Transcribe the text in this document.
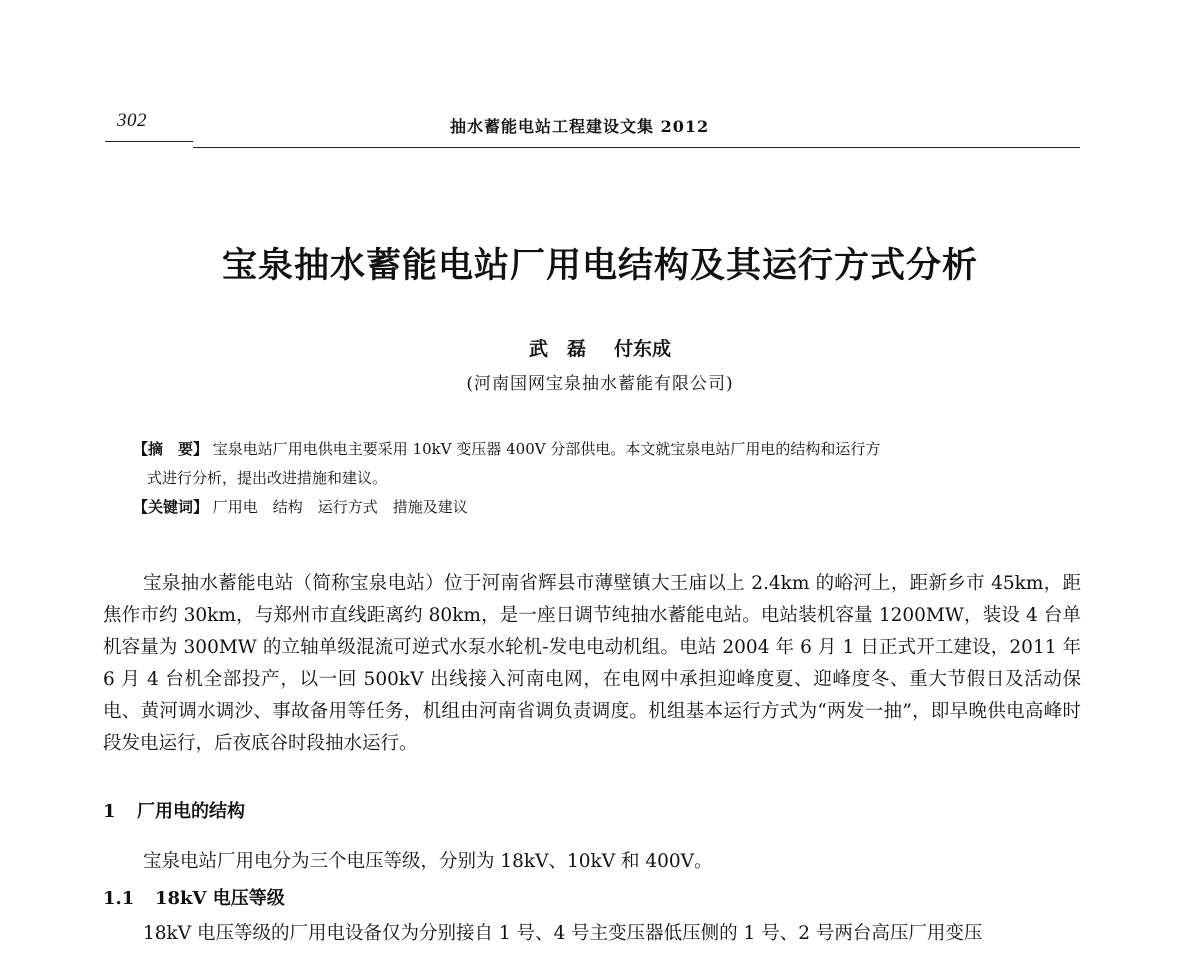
302	抽水蓄能电站工程建设文集 2012
宝泉抽水蓄能电站厂用电结构及其运行方式分析
武　磊 付东成
(河南国网宝泉抽水蓄能有限公司)
【摘　要】 宝泉电站厂用电供电主要采用 10kV 变压器 400V 分部供电。本文就宝泉电站厂用电的结构和运行方
式进行分析，提出改进措施和建议。
【关键词】 厂用电　结构　运行方式　措施及建议
宝泉抽水蓄能电站（简称宝泉电站）位于河南省辉县市薄壁镇大王庙以上 2.4km 的峪河上，距新乡市 45km，距焦作市约 30km，与郑州市直线距离约 80km，是一座日调节纯抽水蓄能电站。电站装机容量 1200MW，装设 4 台单机容量为 300MW 的立轴单级混流可逆式水泵水轮机-发电电动机组。电站 2004 年 6 月 1 日正式开工建设，2011 年 6 月 4 台机全部投产，以一回 500kV 出线接入河南电网，在电网中承担迎峰度夏、迎峰度冬、重大节假日及活动保电、黄河调水调沙、事故备用等任务，机组由河南省调负责调度。机组基本运行方式为“两发一抽”，即早晚供电高峰时段发电运行，后夜底谷时段抽水运行。
1 厂用电的结构
宝泉电站厂用电分为三个电压等级，分别为 18kV、10kV 和 400V。
1.1 18kV 电压等级
18kV 电压等级的厂用电设备仅为分别接自 1 号、4 号主变压器低压侧的 1 号、2 号两台高压厂用变压
